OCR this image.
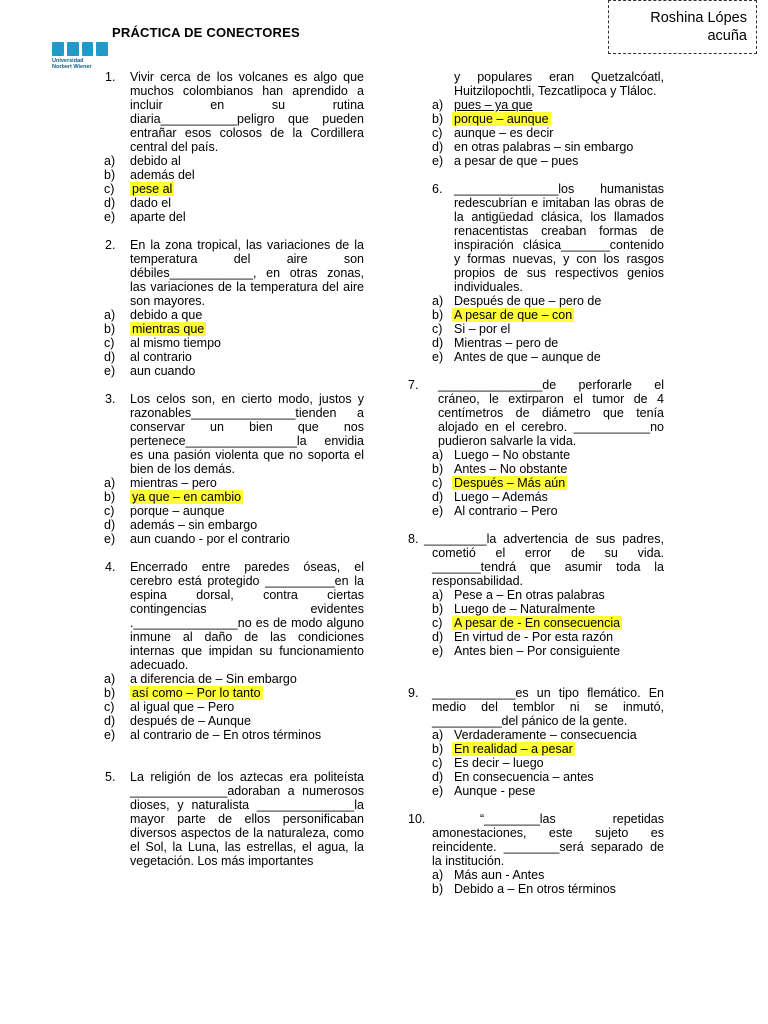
Universidad
Norbert Wiener
PRÁCTICA DE CONECTORES
Roshina Lópes
acuña
1. Vivir cerca de los volcanes es algo que muchos colombianos han aprendido a incluir en su rutina diaria___________peligro que pueden entrañar esos colosos de la Cordillera central del país.
a) debido al
b) además del
c) pese al
d) dado el
e) aparte del
2. En la zona tropical, las variaciones de la temperatura del aire son débiles____________, en otras zonas, las variaciones de la temperatura del aire son mayores.
a) debido a que
b) mientras que
c) al mismo tiempo
d) al contrario
e) aun cuando
3. Los celos son, en cierto modo, justos y razonables_______________tienden a conservar un bien que nos pertenece________________la envidia es una pasión violenta que no soporta el bien de los demás.
a) mientras – pero
b) ya que – en cambio
c) porque – aunque
d) además – sin embargo
e) aun cuando - por el contrario
4. Encerrado entre paredes óseas, el cerebro está protegido __________en la espina dorsal, contra ciertas contingencias evidentes ._______________no es de modo alguno inmune al daño de las condiciones internas que impidan su funcionamiento adecuado.
a) a diferencia de – Sin embargo
b) así como – Por lo tanto
c) al igual que – Pero
d) después de – Aunque
e) al contrario de – En otros términos
5. La religión de los aztecas era politeísta ______________adoraban a numerosos dioses, y naturalista ______________la mayor parte de ellos personificaban diversos aspectos de la naturaleza, como el Sol, la Luna, las estrellas, el agua, la vegetación. Los más importantes
y populares eran Quetzalcóatl, Huitzilopochtli, Tezcatlipoca y Tláloc.
a) pues – ya que
b) porque – aunque
c) aunque – es decir
d) en otras palabras – sin embargo
e) a pesar de que – pues
6. _______________los humanistas redescubrían e imitaban las obras de la antigüedad clásica, los llamados renacentistas creaban formas de inspiración clásica_______contenido y formas nuevas, y con los rasgos propios de sus respectivos genios individuales.
a) Después de que – pero de
b) A pesar de que – con
c) Si – por el
d) Mientras – pero de
e) Antes de que – aunque de
7. _______________de perforarle el cráneo, le extirparon el tumor de 4 centímetros de diámetro que tenía alojado en el cerebro. ___________no pudieron salvarle la vida.
a) Luego – No obstante
b) Antes – No obstante
c) Después – Más aún
d) Luego – Además
e) Al contrario – Pero
8. _________la advertencia de sus padres, cometió el error de su vida. _______tendrá que asumir toda la responsabilidad.
a) Pese a – En otras palabras
b) Luego de – Naturalmente
c) A pesar de - En consecuencia
d) En virtud de - Por esta razón
e) Antes bien – Por consiguiente
9. ____________es un tipo flemático. En medio del temblor ni se inmutó, __________del pánico de la gente.
a) Verdaderamente – consecuencia
b) En realidad – a pesar
c) Es decir – luego
d) En consecuencia – antes
e) Aunque - pese
10.	“________las repetidas amonestaciones, este sujeto es reincidente. ________será separado de la institución.
a) Más aun - Antes
b) Debido a – En otros términos
